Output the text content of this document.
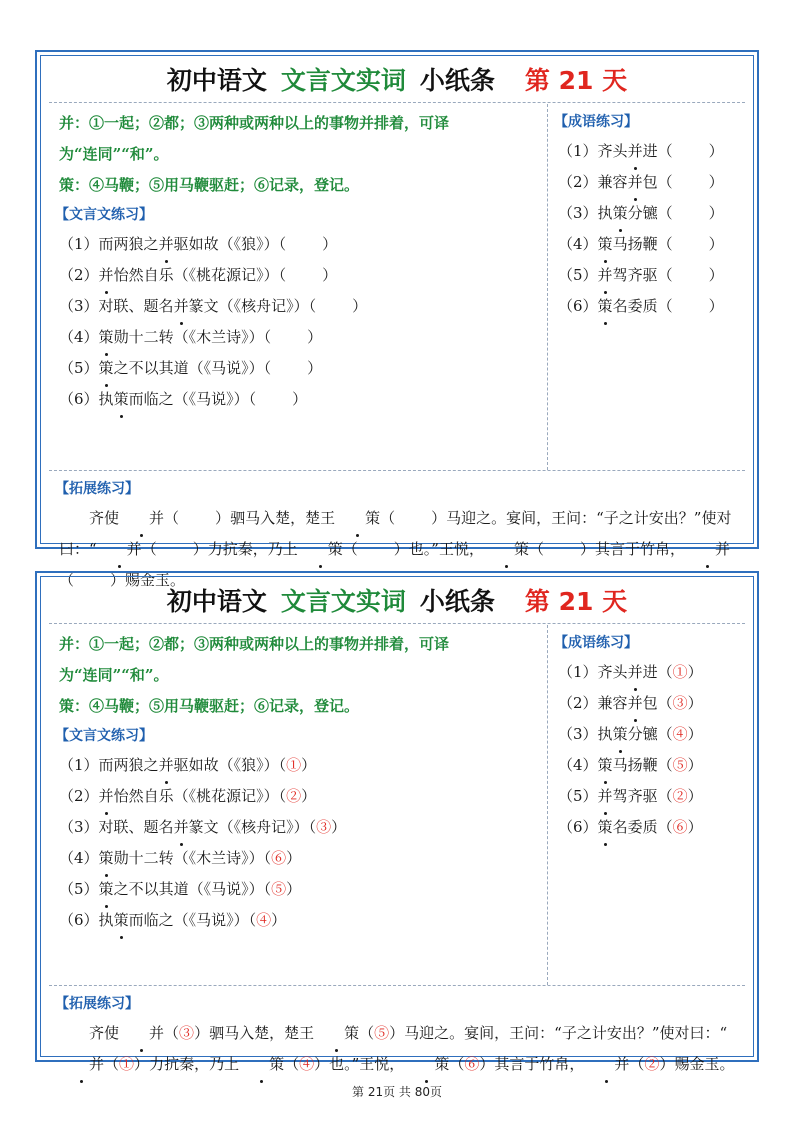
初中语文 文言文实词 小纸条 第 21 天
并：①一起；②都；③两种或两种以上的事物并排着，可译
为“连同”“和”。
策：④马鞭；⑤用马鞭驱赶；⑥记录，登记。
【文言文练习】
（1）而两狼之并驱如故（《狼》）（ ）
（2）并怡然自乐（《桃花源记》）（ ）
（3）对联、题名并篆文（《核舟记》）（ ）
（4）策勋十二转（《木兰诗》）（ ）
（5）策之不以其道（《马说》）（ ）
（6）执策而临之（《马说》）（ ）
【成语练习】
（1）齐头并进（ ）
（2）兼容并包（ ）
（3）执策分镳（ ）
（4）策马扬鞭（ ）
（5）并驾齐驱（ ）
（6）策名委质（ ）
【拓展练习】
齐使 并（ ）驷马入楚，楚王 策（ ）马迎之。宴间，王问：“子之计安出？”使对曰：“ 并（ ）力抗秦，乃上 策（ ）也。”王悦， 策（ ）其言于竹帛， 并（ ）赐金玉。
初中语文 文言文实词 小纸条 第 21 天
并：①一起；②都；③两种或两种以上的事物并排着，可译
为“连同”“和”。
策：④马鞭；⑤用马鞭驱赶；⑥记录，登记。
【文言文练习】
（1）而两狼之并驱如故（《狼》）（①）
（2）并怡然自乐（《桃花源记》）（②）
（3）对联、题名并篆文（《核舟记》）（③）
（4）策勋十二转（《木兰诗》）（⑥）
（5）策之不以其道（《马说》）（⑤）
（6）执策而临之（《马说》）（④）
【成语练习】
（1）齐头并进（①）
（2）兼容并包（③）
（3）执策分镳（④）
（4）策马扬鞭（⑤）
（5）并驾齐驱（②）
（6）策名委质（⑥）
【拓展练习】
齐使 并（③）驷马入楚，楚王 策（⑤）马迎之。宴间，王问：“子之计安出？”使对曰：“并（①）力抗秦，乃上 策（④）也。”王悦， 策（⑥）其言于竹帛， 并（②）赐金玉。
第 21页 共 80页
